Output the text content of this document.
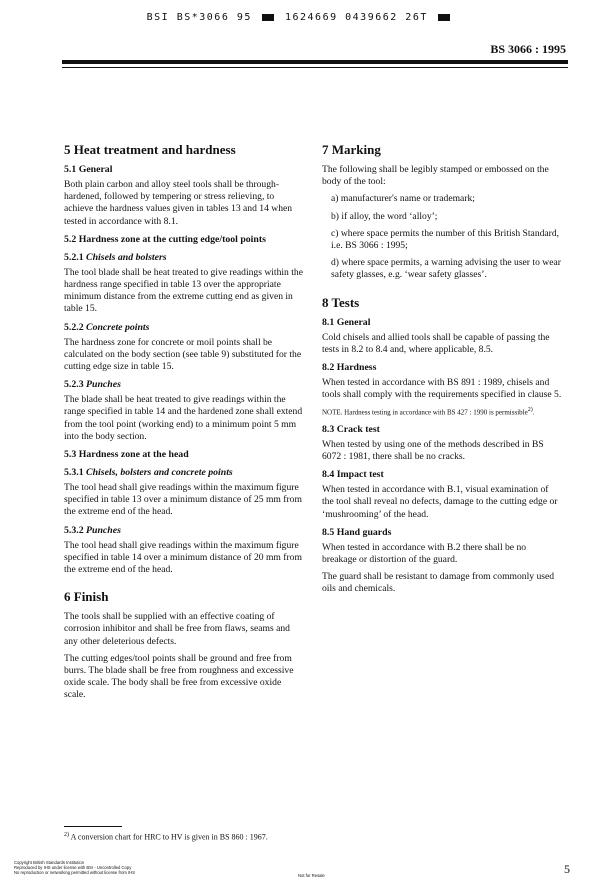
BSI BS*3066 95	1624669 0439662 26T
BS 3066 : 1995
5 Heat treatment and hardness
5.1 General

Both plain carbon and alloy steel tools shall be through-hardened, followed by tempering or stress relieving, to achieve the hardness values given in tables 13 and 14 when tested in accordance with 8.1.

5.2 Hardness zone at the cutting edge/tool points
5.2.1 Chisels and bolsters

The tool blade shall be heat treated to give readings within the hardness range specified in table 13 over the appropriate minimum distance from the extreme cutting end as given in table 15.

5.2.2 Concrete points

The hardness zone for concrete or moil points shall be calculated on the body section (see table 9) substituted for the cutting edge size in table 15.

5.2.3 Punches

The blade shall be heat treated to give readings within the range specified in table 14 and the hardened zone shall extend from the tool point (working end) to a minimum point 5 mm into the body section.

5.3 Hardness zone at the head
5.3.1 Chisels, bolsters and concrete points

The tool head shall give readings within the maximum figure specified in table 13 over a minimum distance of 25 mm from the extreme end of the head.

5.3.2 Punches

The tool head shall give readings within the maximum figure specified in table 14 over a minimum distance of 20 mm from the extreme end of the head.

6 Finish

The tools shall be supplied with an effective coating of corrosion inhibitor and shall be free from flaws, seams and any other deleterious defects.

The cutting edges/tool points shall be ground and free from burrs. The blade shall be free from roughness and excessive oxide scale. The body shall be free from excessive oxide scale.

7 Marking

The following shall be legibly stamped or embossed on the body of the tool:

a) manufacturer's name or trademark;

b) if alloy, the word ‘alloy’;

c) where space permits the number of this British Standard, i.e. BS 3066 : 1995;

d) where space permits, a warning advising the user to wear safety glasses, e.g. ‘wear safety glasses’.

8 Tests
8.1 General

Cold chisels and allied tools shall be capable of passing the tests in 8.2 to 8.4 and, where applicable, 8.5.

8.2 Hardness

When tested in accordance with BS 891 : 1989, chisels and tools shall comply with the requirements specified in clause 5.

NOTE. Hardness testing in accordance with BS 427 : 1990 is permissible$^{2)}$.

8.3 Crack test

When tested by using one of the methods described in BS 6072 : 1981, there shall be no cracks.

8.4 Impact test

When tested in accordance with B.1, visual examination of the tool shall reveal no defects, damage to the cutting edge or ‘mushrooming’ of the head.

8.5 Hand guards

When tested in accordance with B.2 there shall be no breakage or distortion of the guard.

The guard shall be resistant to damage from commonly used oils and chemicals.

$^{2)}$ A conversion chart for HRC to HV is given in BS 860 : 1967.
Copyright British Standards Institution
Reproduced by IHS under license with BSI - Uncontrolled Copy
No reproduction or networking permitted without license from IHS
Not for Resale	5
